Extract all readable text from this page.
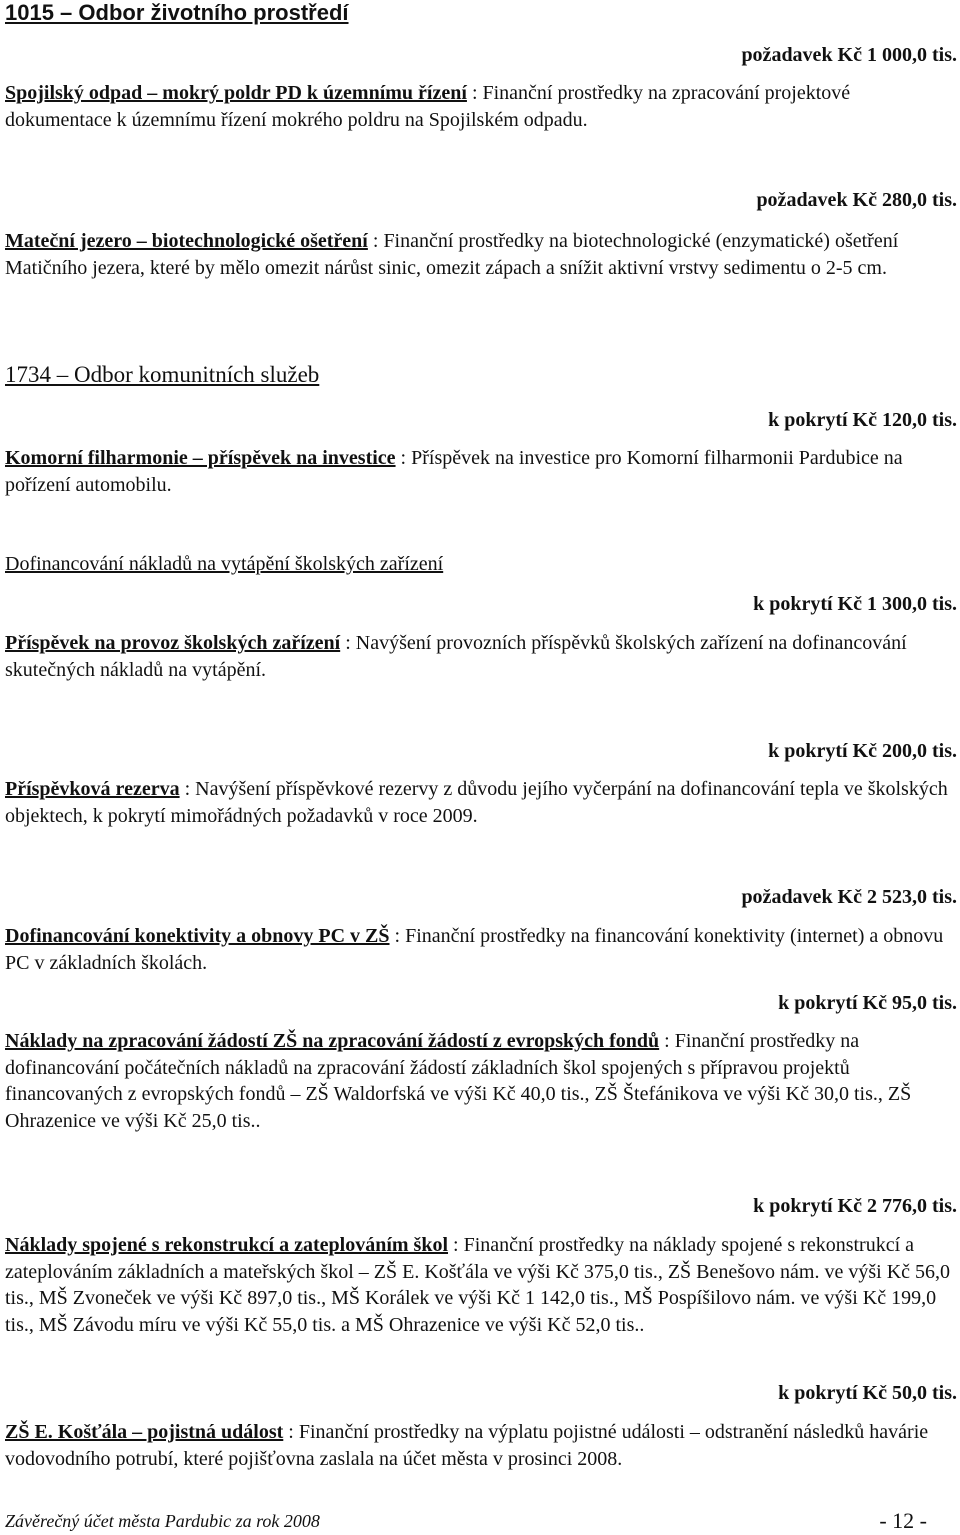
1015 – Odbor životního prostředí
požadavek Kč 1 000,0 tis.
Spojilský odpad – mokrý poldr PD k územnímu řízení : Finanční prostředky na zpracování projektové dokumentace k územnímu řízení mokrého poldru na Spojilském odpadu.
požadavek Kč 280,0 tis.
Mateční jezero – biotechnologické ošetření : Finanční prostředky na biotechnologické (enzymatické) ošetření Matičního jezera, které by mělo omezit nárůst sinic, omezit zápach a snížit aktivní vrstvy sedimentu o 2-5 cm.
1734 – Odbor komunitních služeb
k pokrytí Kč 120,0 tis.
Komorní filharmonie – příspěvek na investice : Příspěvek na investice pro Komorní filharmonii Pardubice na pořízení automobilu.
Dofinancování nákladů na vytápění školských zařízení
k pokrytí Kč 1 300,0 tis.
Příspěvek na provoz školských zařízení : Navýšení provozních příspěvků školských zařízení na dofinancování skutečných nákladů na vytápění.
k pokrytí Kč 200,0 tis.
Příspěvková rezerva : Navýšení příspěvkové rezervy z důvodu jejího vyčerpání na dofinancování tepla ve školských objektech, k pokrytí mimořádných požadavků v roce 2009.
požadavek Kč 2 523,0 tis.
Dofinancování konektivity a obnovy PC v ZŠ : Finanční prostředky na financování konektivity (internet) a obnovu PC v základních školách.
k pokrytí Kč 95,0 tis.
Náklady na zpracování žádostí ZŠ na zpracování žádostí z evropských fondů : Finanční prostředky na dofinancování počátečních nákladů na zpracování žádostí základních škol spojených s přípravou projektů financovaných z evropských fondů – ZŠ Waldorfská ve výši Kč 40,0 tis., ZŠ Štefánikova ve výši Kč 30,0 tis., ZŠ Ohrazenice ve výši Kč 25,0 tis..
k pokrytí Kč 2 776,0 tis.
Náklady spojené s rekonstrukcí a zateplováním škol : Finanční prostředky na náklady spojené s rekonstrukcí a zateplováním základních a mateřských škol – ZŠ E. Košťála ve výši Kč 375,0 tis., ZŠ Benešovo nám. ve výši Kč 56,0 tis., MŠ Zvoneček ve výši Kč 897,0 tis., MŠ Korálek ve výši Kč 1 142,0 tis., MŠ Pospíšilovo nám. ve výši Kč 199,0 tis., MŠ Závodu míru ve výši Kč 55,0 tis. a MŠ Ohrazenice ve výši Kč 52,0 tis..
k pokrytí Kč 50,0 tis.
ZŠ E. Košťála – pojistná událost : Finanční prostředky na výplatu pojistné události – odstranění následků havárie vodovodního potrubí, které pojišťovna zaslala na účet města v prosinci 2008.
Závěrečný účet města Pardubic za rok 2008	- 12 -
